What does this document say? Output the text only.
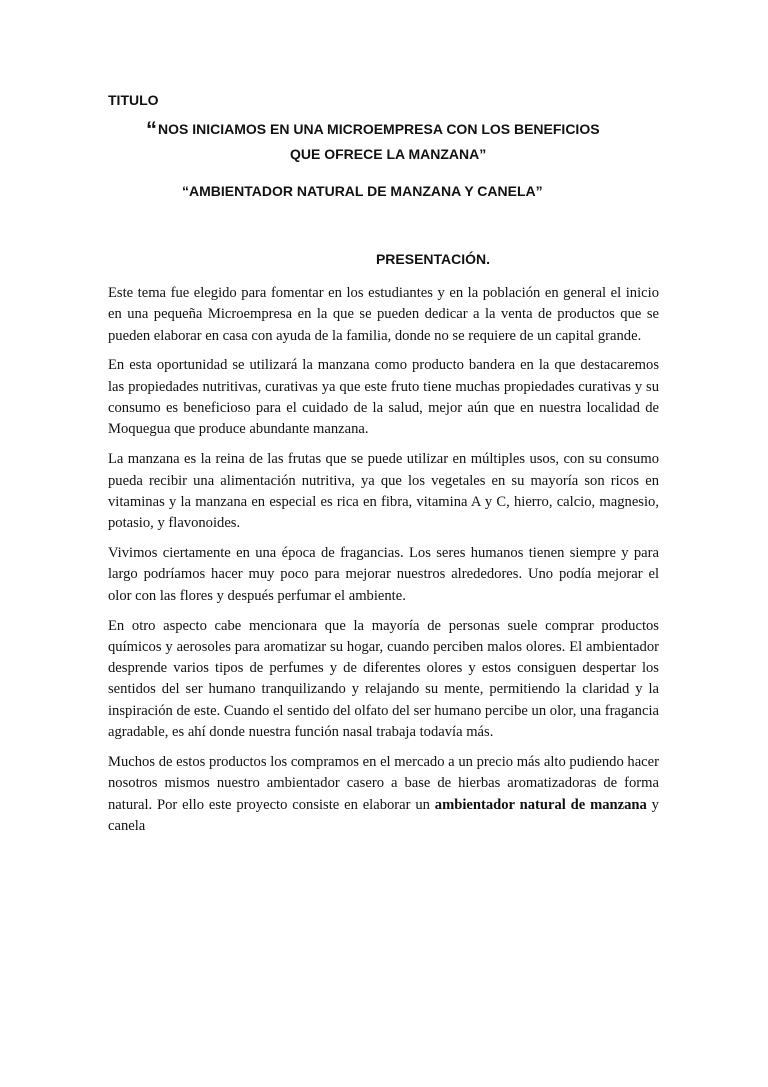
TITULO
“NOS INICIAMOS EN UNA MICROEMPRESA CON LOS BENEFICIOS
QUE OFRECE LA MANZANA”
“AMBIENTADOR NATURAL DE MANZANA Y CANELA”
PRESENTACIÓN.

Este tema fue elegido para fomentar en los estudiantes y en la población en general el inicio en una pequeña Microempresa en la que se pueden dedicar a la venta de productos que se pueden elaborar en casa con ayuda de la familia, donde no se requiere de un capital grande.

En esta oportunidad se utilizará la manzana como producto bandera en la que destacaremos las propiedades nutritivas, curativas ya que este fruto tiene muchas propiedades curativas y su consumo es beneficioso para el cuidado de la salud, mejor aún que en nuestra localidad de Moquegua que produce abundante manzana.

La manzana es la reina de las frutas que se puede utilizar en múltiples usos, con su consumo pueda recibir una alimentación nutritiva, ya que los vegetales en su mayoría son ricos en vitaminas y la manzana en especial es rica en fibra, vitamina A y C, hierro, calcio, magnesio, potasio, y flavonoides.

Vivimos ciertamente en una época de fragancias. Los seres humanos tienen siempre y para largo podríamos hacer muy poco para mejorar nuestros alrededores. Uno podía mejorar el olor con las flores y después perfumar el ambiente.

En otro aspecto cabe mencionara que la mayoría de personas suele comprar productos químicos y aerosoles para aromatizar su hogar, cuando perciben malos olores. El ambientador desprende varios tipos de perfumes y de diferentes olores y estos consiguen despertar los sentidos del ser humano tranquilizando y relajando su mente, permitiendo la claridad y la inspiración de este. Cuando el sentido del olfato del ser humano percibe un olor, una fragancia agradable, es ahí donde nuestra función nasal trabaja todavía más.

Muchos de estos productos los compramos en el mercado a un precio más alto pudiendo hacer nosotros mismos nuestro ambientador casero a base de hierbas aromatizadoras de forma natural. Por ello este proyecto consiste en elaborar un ambientador natural de manzana y canela
